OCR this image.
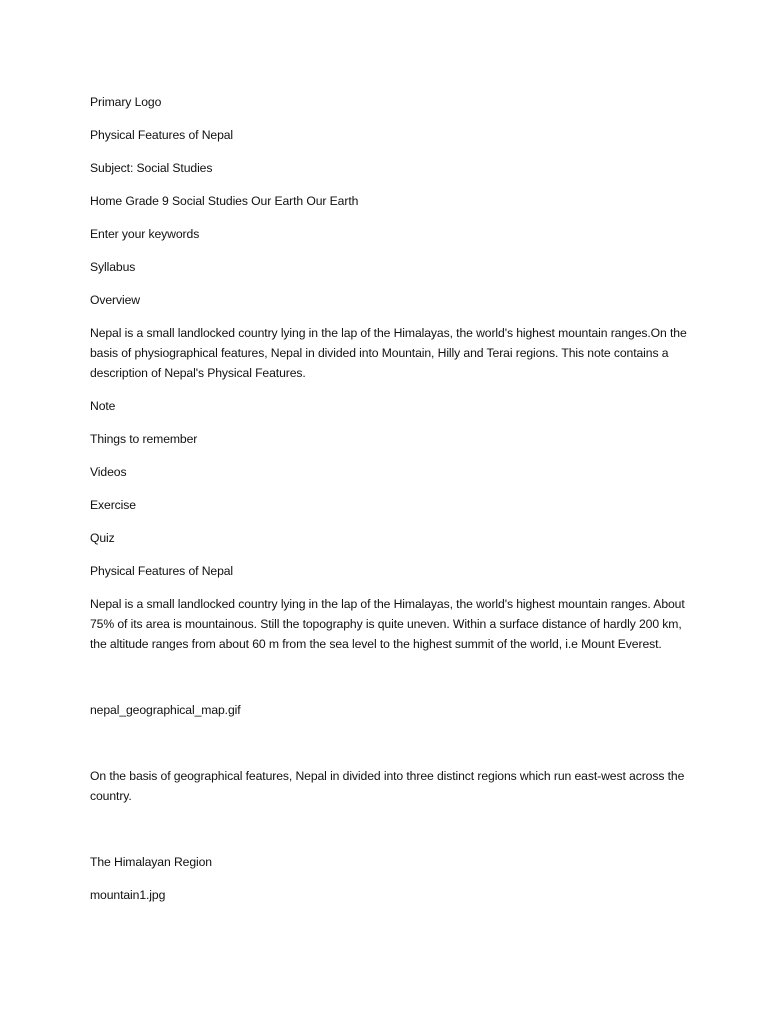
Primary Logo
Physical Features of Nepal
Subject: Social Studies
Home Grade 9 Social Studies Our Earth Our Earth
Enter your keywords
Syllabus
Overview
Nepal is a small landlocked country lying in the lap of the Himalayas, the world's highest mountain ranges.On the basis of physiographical features, Nepal in divided into Mountain, Hilly and Terai regions. This note contains a description of Nepal's Physical Features.
Note
Things to remember
Videos
Exercise
Quiz
Physical Features of Nepal
Nepal is a small landlocked country lying in the lap of the Himalayas, the world's highest mountain ranges. About 75% of its area is mountainous. Still the topography is quite uneven. Within a surface distance of hardly 200 km, the altitude ranges from about 60 m from the sea level to the highest summit of the world, i.e Mount Everest.
nepal_geographical_map.gif
On the basis of geographical features, Nepal in divided into three distinct regions which run east-west across the country.
The Himalayan Region
mountain1.jpg
